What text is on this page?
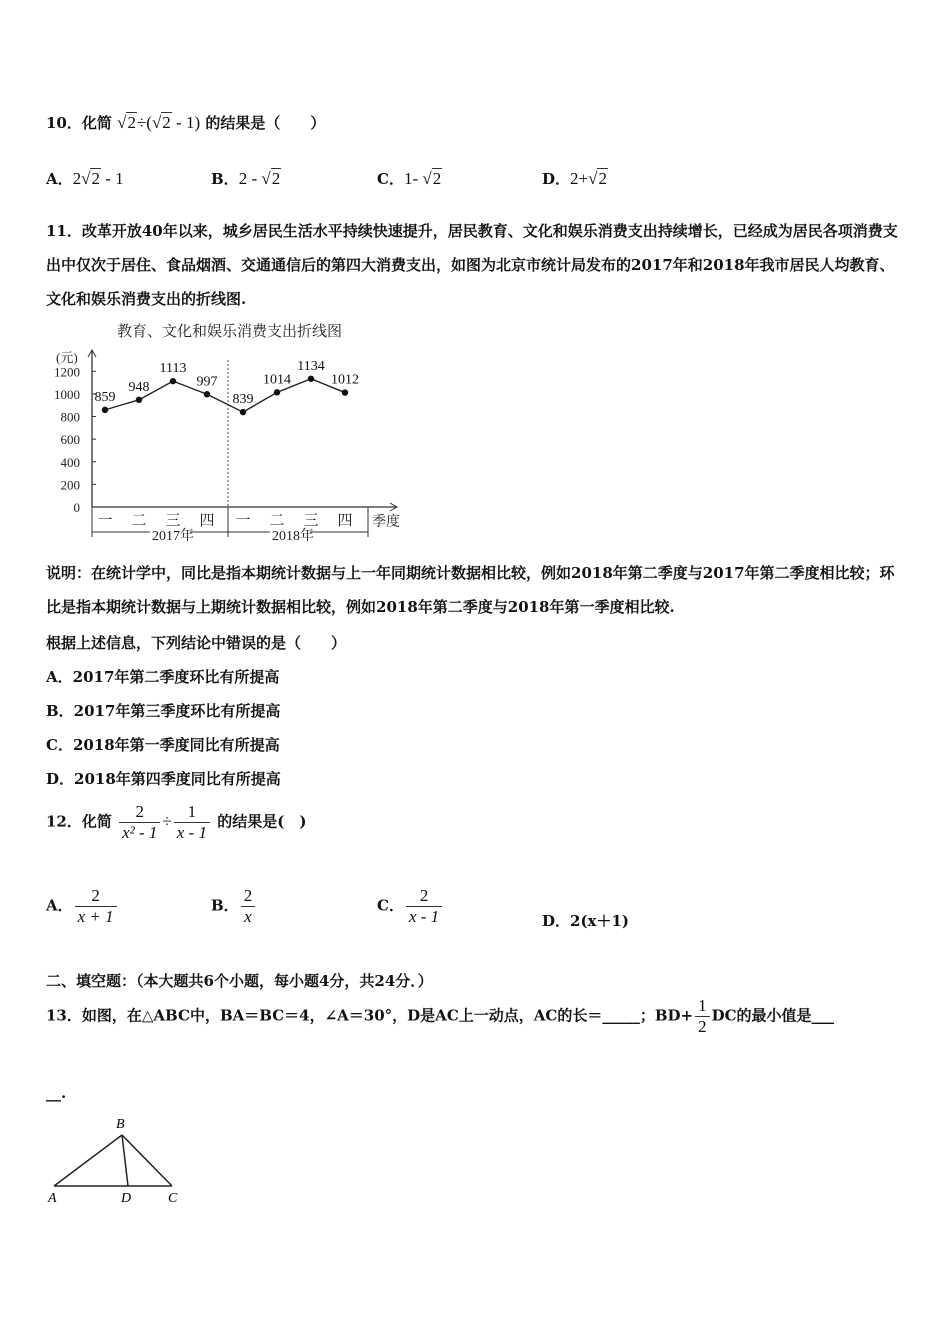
10．化简 √2÷(√2 - 1) 的结果是（　　）
A．2√2 - 1	B．2 - √2	C．1- √2	D．2+√2
11．改革开放40年以来，城乡居民生活水平持续快速提升，居民教育、文化和娱乐消费支出持续增长，已经成为居民各项消费支出中仅次于居住、食品烟酒、交通通信后的第四大消费支出，如图为北京市统计局发布的2017年和2018年我市居民人均教育、文化和娱乐消费支出的折线图.
教育、文化和娱乐消费支出折线图
(元)
季度
0
200
400
600
800
1000
1200
一 二 三 四 一 二 三 四
859
948
1113
997
839
1014
1134
1012
2017年	2018年
说明：在统计学中，同比是指本期统计数据与上一年同期统计数据相比较，例如2018年第二季度与2017年第二季度相比较；环比是指本期统计数据与上期统计数据相比较，例如2018年第二季度与2018年第一季度相比较.
根据上述信息，下列结论中错误的是（　　）
A．2017年第二季度环比有所提高
B．2017年第三季度环比有所提高
C．2018年第一季度同比有所提高
D．2018年第四季度同比有所提高
12．化简 $\frac{2}{\text{x² - 1}} \div \frac{1}{x - 1}$ 的结果是(　)
A． $\frac{2}{x + 1}$	B． $\frac{2}{x}$	C． $\frac{2}{x - 1}$	D．2(x＋1)
二、填空题：（本大题共6个小题，每小题4分，共24分．）
13．如图，在△ABC中，BA＝BC＝4，∠A＝30°，D是AC上一动点，AC的长＝_____；$BD+ \frac{1}{2}$ DC的最小值是___
__.
B
A	D	C
